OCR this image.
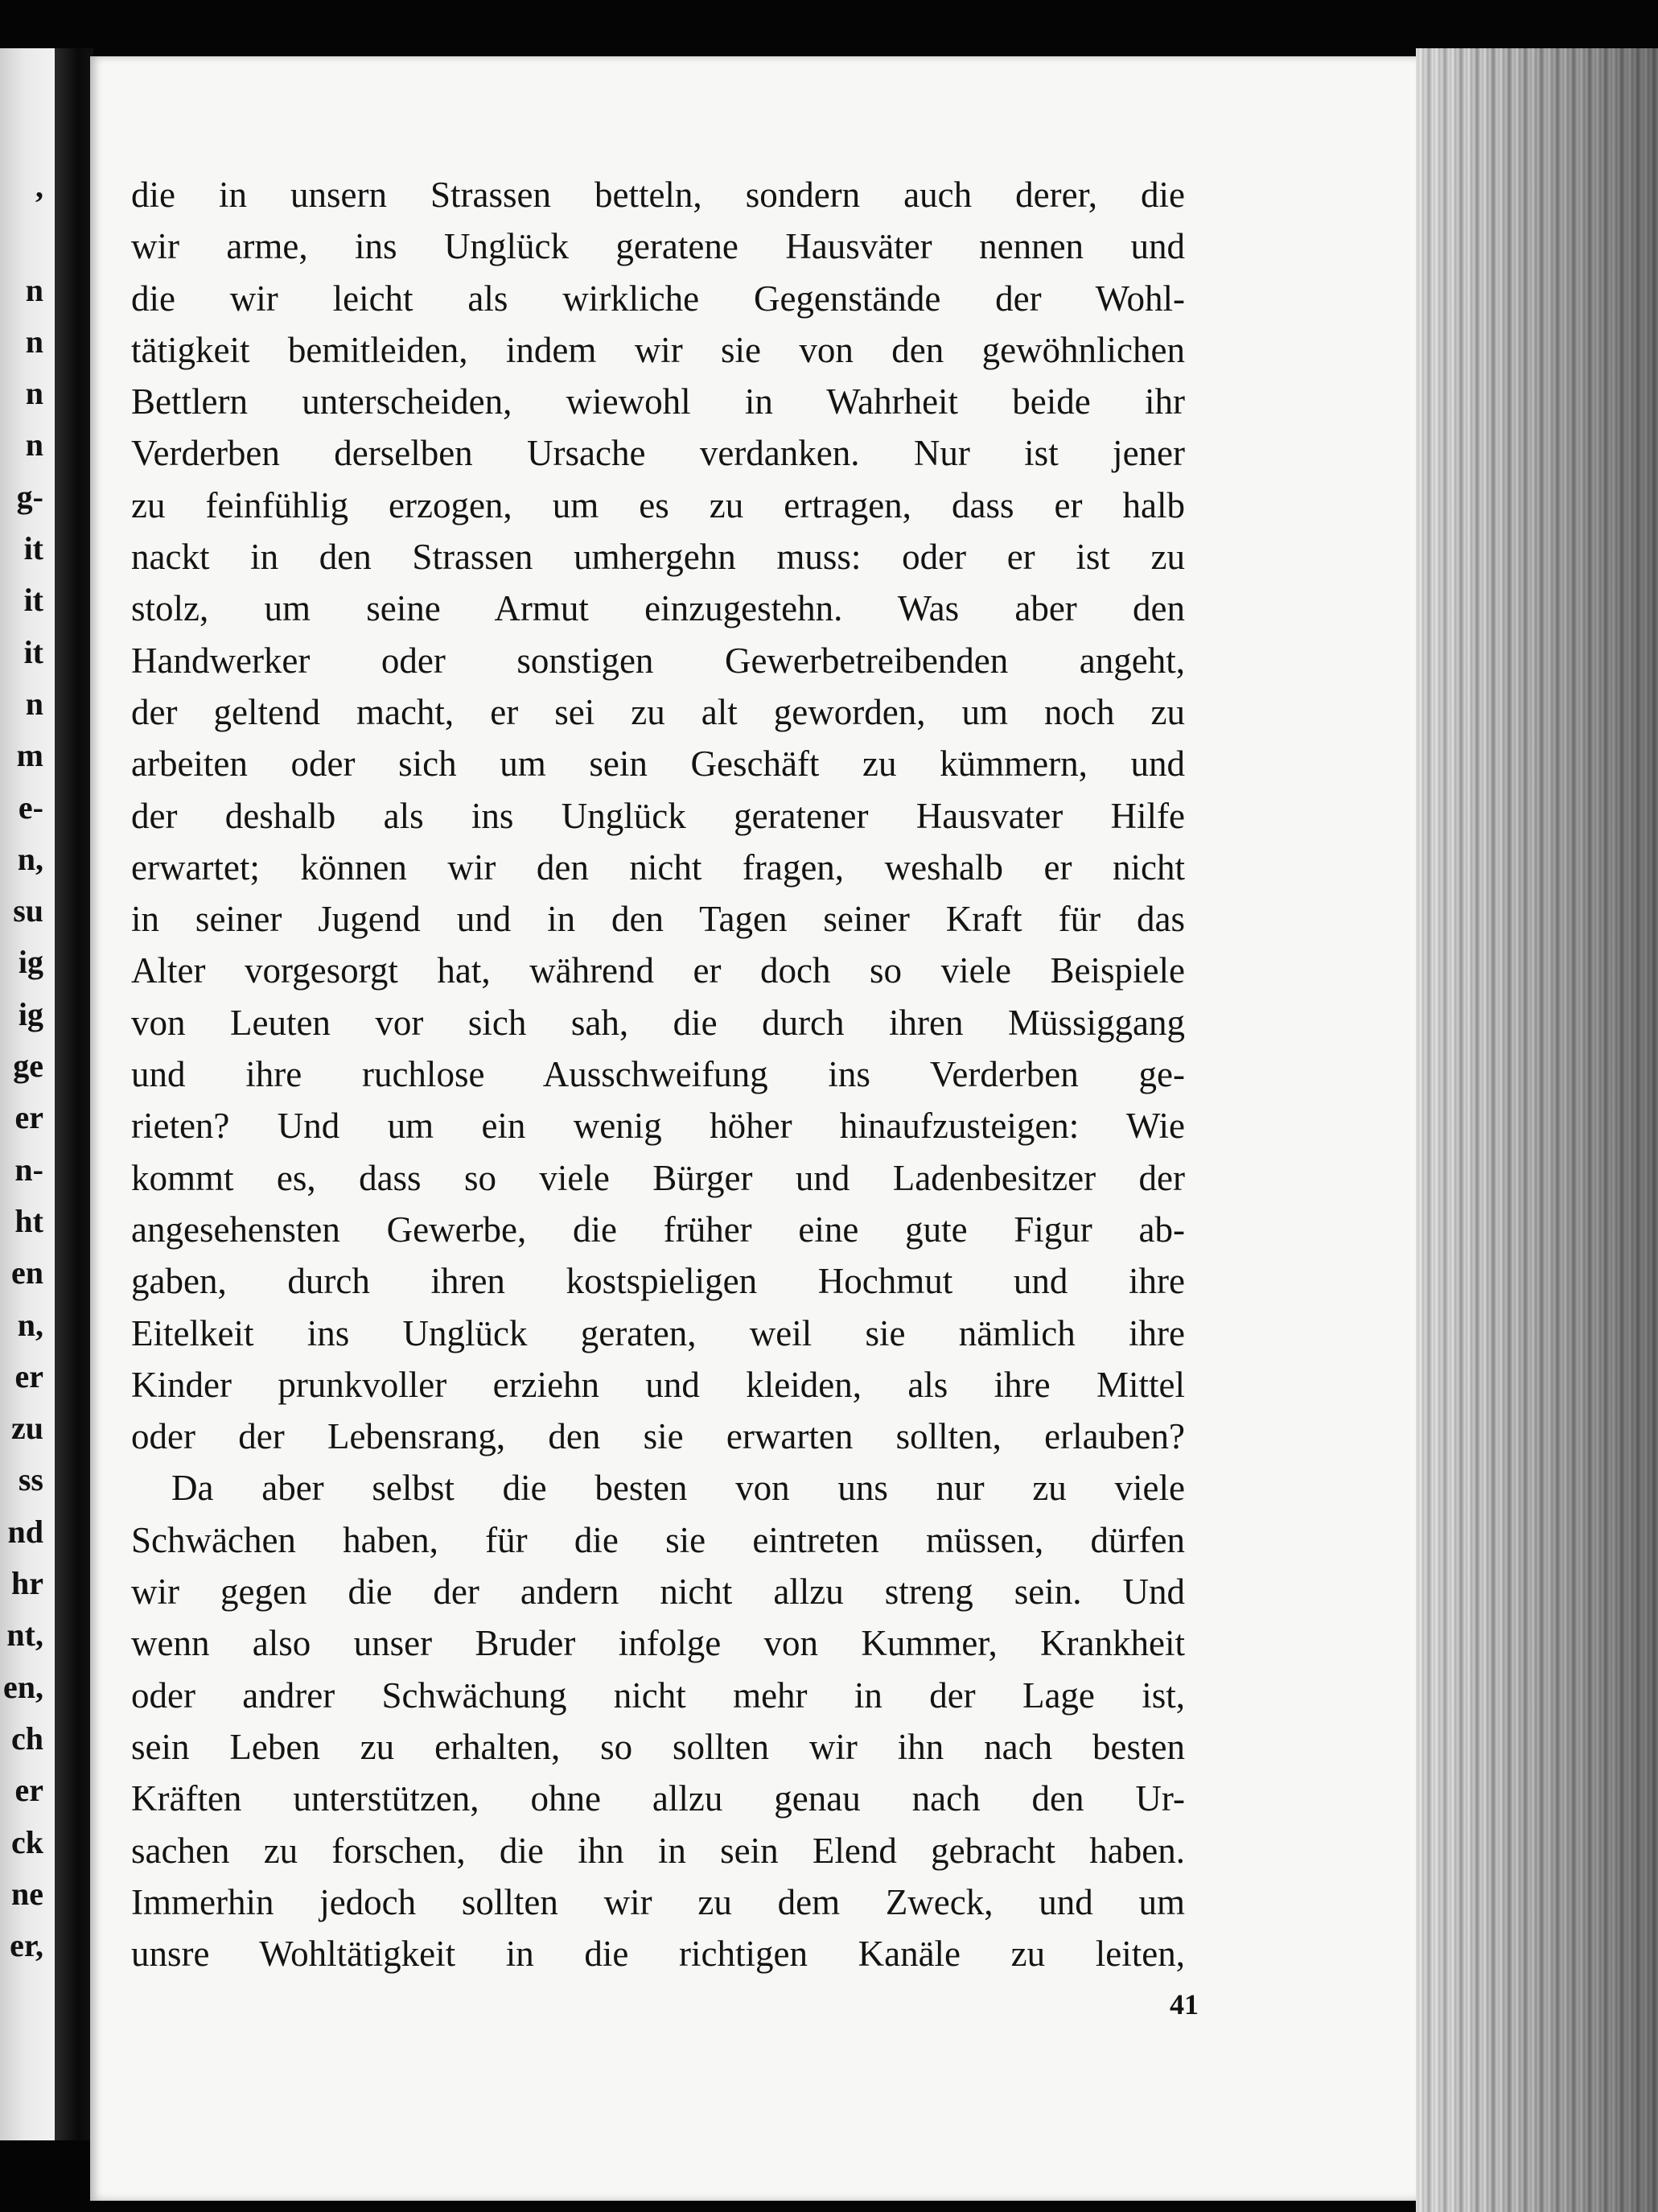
,
n
n
n
n
g-
it
it
it
n
m
e-
n,
su
ig
ig
ge
er
n-
ht
en
n,
er
zu
ss
nd
hr
nt,
en,
ch
er
ck
ne
er,
die in unsern Strassen betteln, sondern auch derer, die
wir arme, ins Unglück geratene Hausväter nennen und
die wir leicht als wirkliche Gegenstände der Wohl-
tätigkeit bemitleiden, indem wir sie von den gewöhnlichen
Bettlern unterscheiden, wiewohl in Wahrheit beide ihr
Verderben derselben Ursache verdanken. Nur ist jener
zu feinfühlig erzogen, um es zu ertragen, dass er halb
nackt in den Strassen umhergehn muss: oder er ist zu
stolz, um seine Armut einzugestehn. Was aber den
Handwerker oder sonstigen Gewerbetreibenden angeht,
der geltend macht, er sei zu alt geworden, um noch zu
arbeiten oder sich um sein Geschäft zu kümmern, und
der deshalb als ins Unglück geratener Hausvater Hilfe
erwartet; können wir den nicht fragen, weshalb er nicht
in seiner Jugend und in den Tagen seiner Kraft für das
Alter vorgesorgt hat, während er doch so viele Beispiele
von Leuten vor sich sah, die durch ihren Müssiggang
und ihre ruchlose Ausschweifung ins Verderben ge-
rieten? Und um ein wenig höher hinaufzusteigen: Wie
kommt es, dass so viele Bürger und Ladenbesitzer der
angesehensten Gewerbe, die früher eine gute Figur ab-
gaben, durch ihren kostspieligen Hochmut und ihre
Eitelkeit ins Unglück geraten, weil sie nämlich ihre
Kinder prunkvoller erziehn und kleiden, als ihre Mittel
oder der Lebensrang, den sie erwarten sollten, erlauben?
Da aber selbst die besten von uns nur zu viele
Schwächen haben, für die sie eintreten müssen, dürfen
wir gegen die der andern nicht allzu streng sein. Und
wenn also unser Bruder infolge von Kummer, Krankheit
oder andrer Schwächung nicht mehr in der Lage ist,
sein Leben zu erhalten, so sollten wir ihn nach besten
Kräften unterstützen, ohne allzu genau nach den Ur-
sachen zu forschen, die ihn in sein Elend gebracht haben.
Immerhin jedoch sollten wir zu dem Zweck, und um
unsre Wohltätigkeit in die richtigen Kanäle zu leiten,
41
